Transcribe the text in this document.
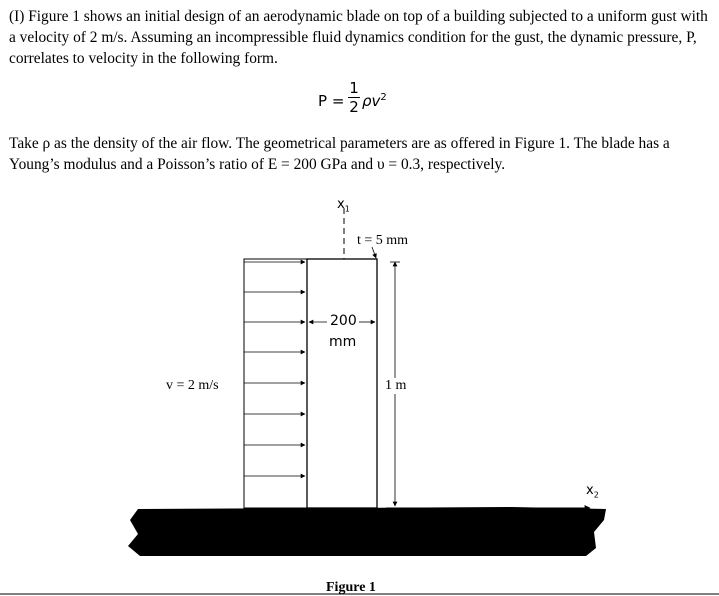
(I) Figure 1 shows an initial design of an aerodynamic blade on top of a building subjected to a uniform gust with a velocity of 2 m/s. Assuming an incompressible fluid dynamics condition for the gust, the dynamic pressure, P, correlates to velocity in the following form.

P =
1
2 $\rho v^2$

Take ρ as the density of the air flow. The geometrical parameters are as offered in Figure 1. The blade has a Young’s modulus and a Poisson’s ratio of E = 200 GPa and υ = 0.3, respectively.

$x_1$
$x_2$
t = 5 mm
200
mm
1 m
v = 2 m/s
Figure 1
